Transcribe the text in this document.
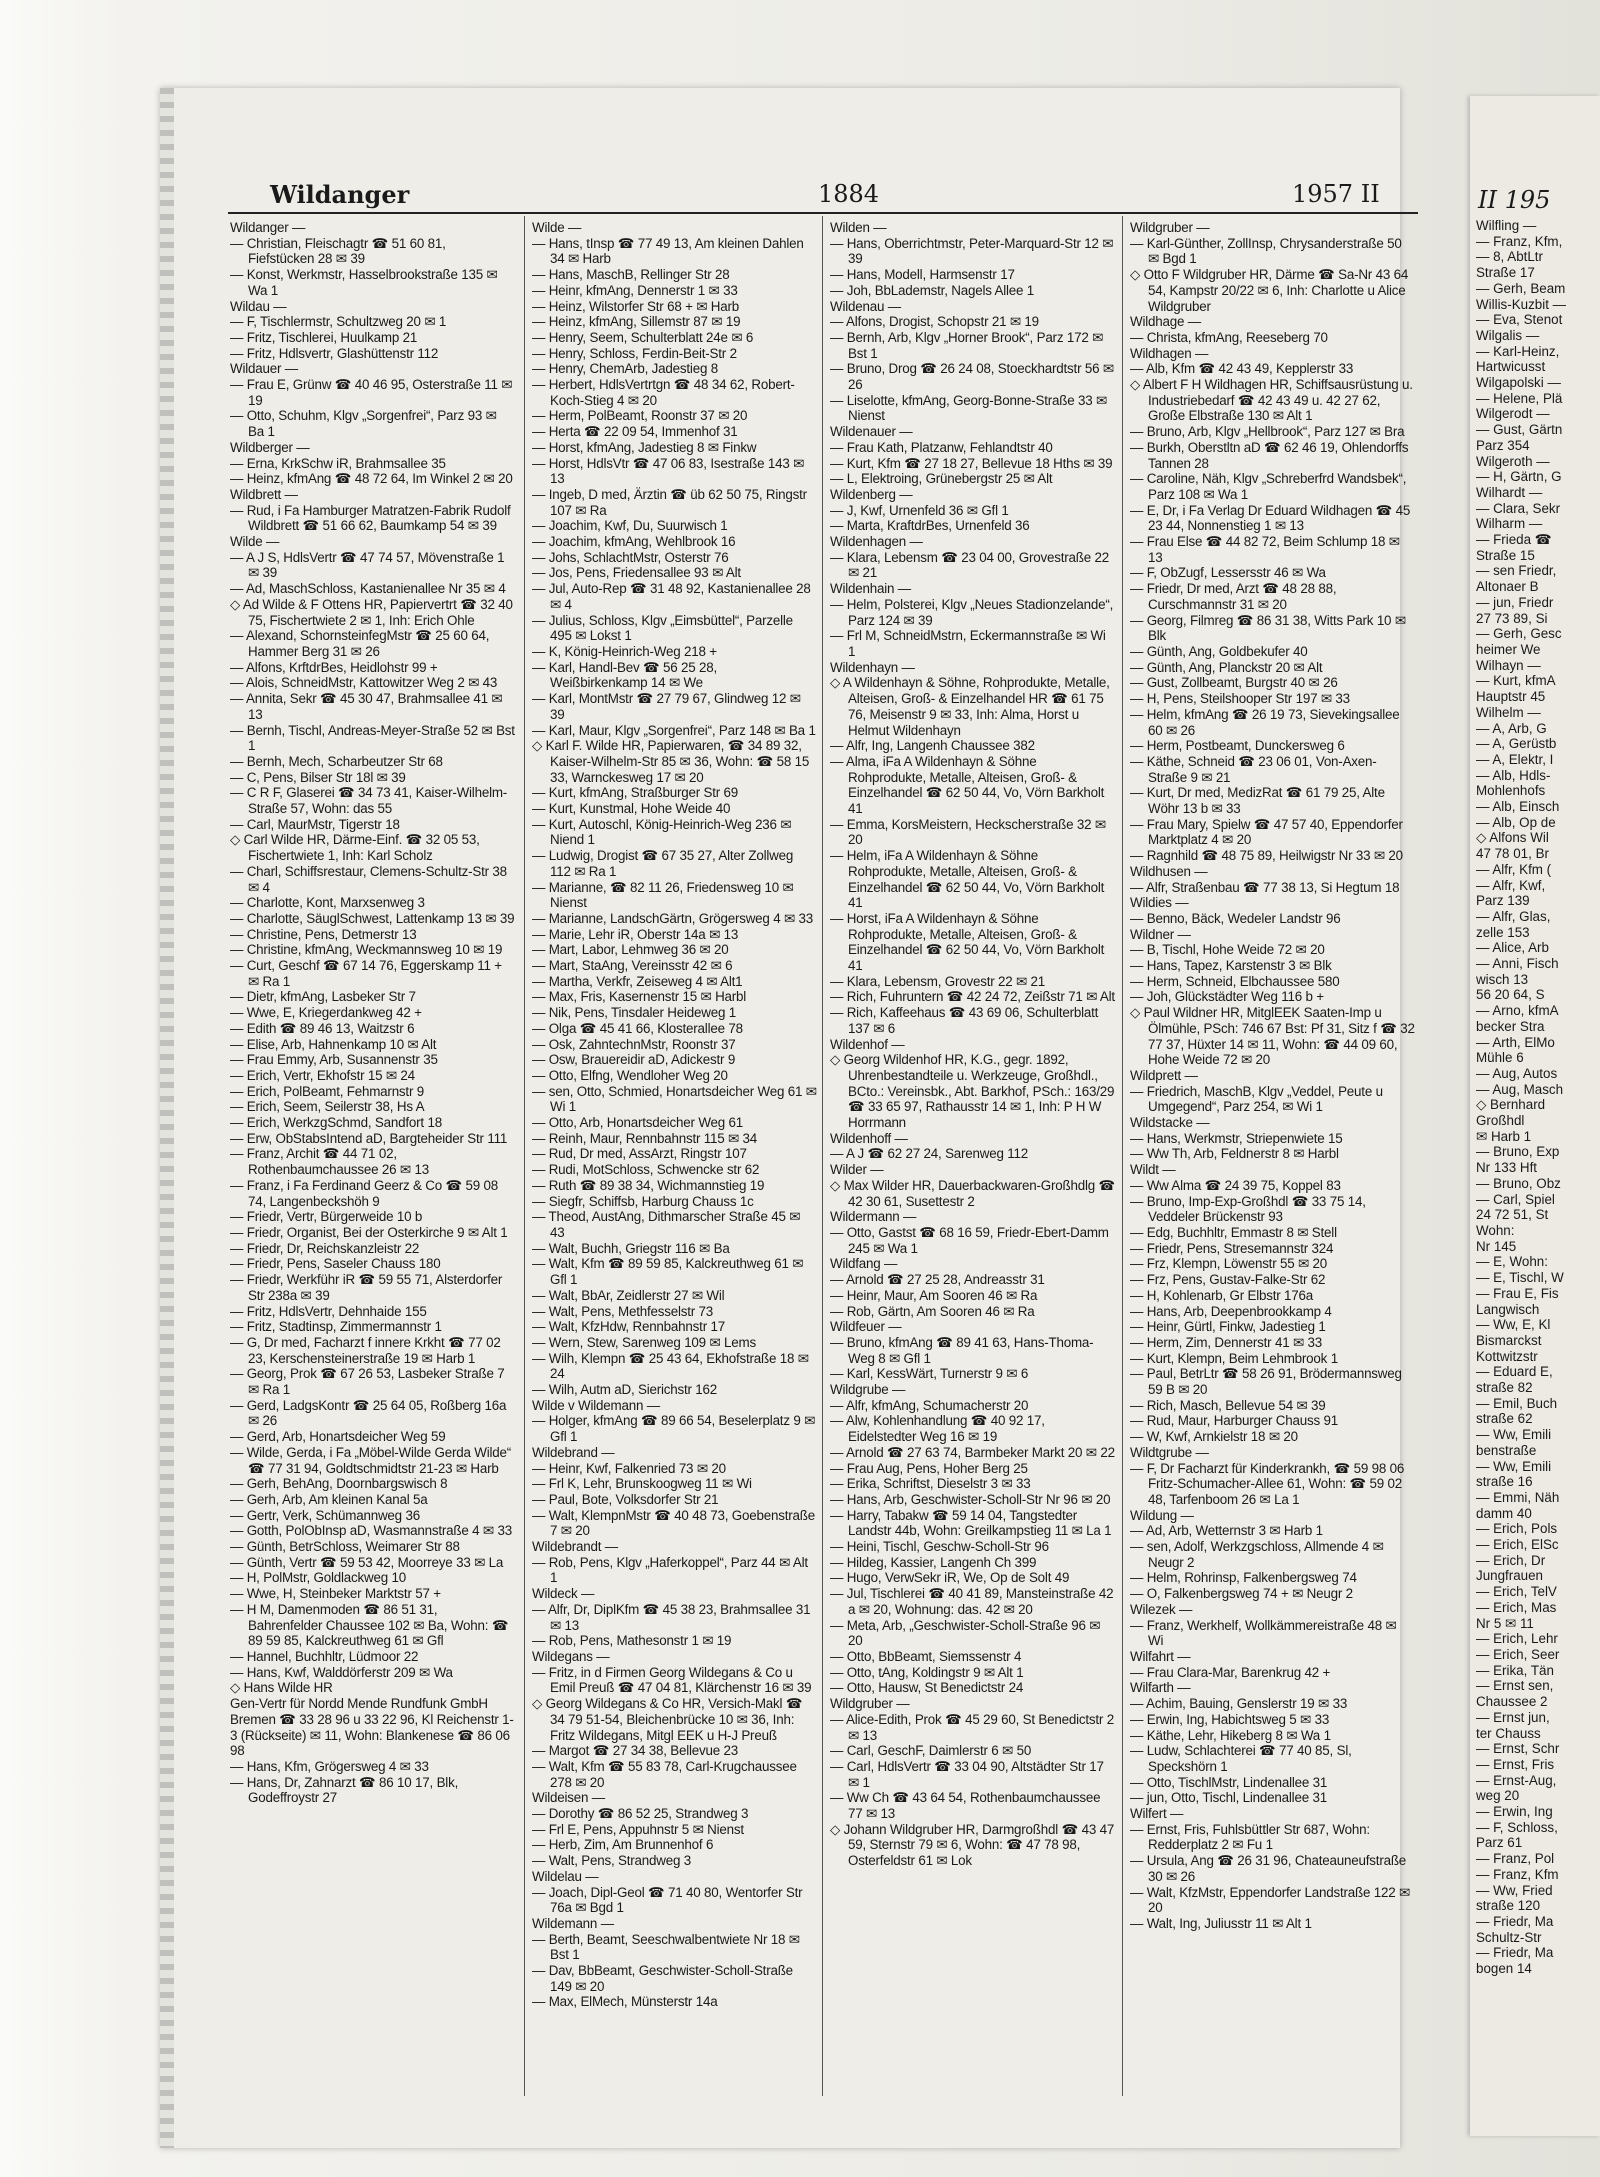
Wildanger	1884	1957 II
Wildanger —
— Christian, Fleischagtr ☎ 51 60 81, Fiefstücken 28 ✉ 39
— Konst, Werkmstr, Hasselbrookstraße 135 ✉ Wa 1
Wildau —
— F, Tischlermstr, Schultzweg 20 ✉ 1
— Fritz, Tischlerei, Huulkamp 21
— Fritz, Hdlsvertr, Glashüttenstr 112
Wildauer —
— Frau E, Grünw ☎ 40 46 95, Osterstraße 11 ✉ 19
— Otto, Schuhm, Klgv „Sorgenfrei“, Parz 93 ✉ Ba 1
Wildberger —
— Erna, KrkSchw iR, Brahmsallee 35
— Heinz, kfmAng ☎ 48 72 64, Im Winkel 2 ✉ 20
Wildbrett —
— Rud, i Fa Hamburger Matratzen-Fabrik Rudolf Wildbrett ☎ 51 66 62, Baumkamp 54 ✉ 39
Wilde —
— A J S, HdlsVertr ☎ 47 74 57, Mövenstraße 1 ✉ 39
— Ad, MaschSchloss, Kastanienallee Nr 35 ✉ 4
◇ Ad Wilde & F Ottens HR, Papiervertrt ☎ 32 40 75, Fischertwiete 2 ✉ 1, Inh: Erich Ohle
— Alexand, SchornsteinfegMstr ☎ 25 60 64, Hammer Berg 31 ✉ 26
— Alfons, KrftdrBes, Heidlohstr 99 +
— Alois, SchneidMstr, Kattowitzer Weg 2 ✉ 43
— Annita, Sekr ☎ 45 30 47, Brahmsallee 41 ✉ 13
— Bernh, Tischl, Andreas-Meyer-Straße 52 ✉ Bst 1
— Bernh, Mech, Scharbeutzer Str 68
— C, Pens, Bilser Str 18l ✉ 39
— C R F, Glaserei ☎ 34 73 41, Kaiser-Wilhelm-Straße 57, Wohn: das 55
— Carl, MaurMstr, Tigerstr 18
◇ Carl Wilde HR, Därme-Einf. ☎ 32 05 53, Fischertwiete 1, Inh: Karl Scholz
— Charl, Schiffsrestaur, Clemens-Schultz-Str 38 ✉ 4
— Charlotte, Kont, Marxsenweg 3
— Charlotte, SäuglSchwest, Lattenkamp 13 ✉ 39
— Christine, Pens, Detmerstr 13
— Christine, kfmAng, Weckmannsweg 10 ✉ 19
— Curt, Geschf ☎ 67 14 76, Eggerskamp 11 + ✉ Ra 1
— Dietr, kfmAng, Lasbeker Str 7
— Wwe, E, Kriegerdankweg 42 +
— Edith ☎ 89 46 13, Waitzstr 6
— Elise, Arb, Hahnenkamp 10 ✉ Alt
— Frau Emmy, Arb, Susannenstr 35
— Erich, Vertr, Ekhofstr 15 ✉ 24
— Erich, PolBeamt, Fehmarnstr 9
— Erich, Seem, Seilerstr 38, Hs A
— Erich, WerkzgSchmd, Sandfort 18
— Erw, ObStabsIntend aD, Bargteheider Str 111
— Franz, Archit ☎ 44 71 02, Rothenbaumchaussee 26 ✉ 13
— Franz, i Fa Ferdinand Geerz & Co ☎ 59 08 74, Langenbeckshöh 9
— Friedr, Vertr, Bürgerweide 10 b
— Friedr, Organist, Bei der Osterkirche 9 ✉ Alt 1
— Friedr, Dr, Reichskanzleistr 22
— Friedr, Pens, Saseler Chauss 180
— Friedr, Werkführ iR ☎ 59 55 71, Alsterdorfer Str 238a ✉ 39
— Fritz, HdlsVertr, Dehnhaide 155
— Fritz, Stadtinsp, Zimmermannstr 1
— G, Dr med, Facharzt f innere Krkht ☎ 77 02 23, Kerschensteinerstraße 19 ✉ Harb 1
— Georg, Prok ☎ 67 26 53, Lasbeker Straße 7 ✉ Ra 1
— Gerd, LadgsKontr ☎ 25 64 05, Roßberg 16a ✉ 26
— Gerd, Arb, Honartsdeicher Weg 59
— Wilde, Gerda, i Fa „Möbel-Wilde Gerda Wilde“ ☎ 77 31 94, Goldtschmidtstr 21-23 ✉ Harb
— Gerh, BehAng, Doornbargswisch 8
— Gerh, Arb, Am kleinen Kanal 5a
— Gertr, Verk, Schümannweg 36
— Gotth, PolObInsp aD, Wasmannstraße 4 ✉ 33
— Günth, BetrSchloss, Weimarer Str 88
— Günth, Vertr ☎ 59 53 42, Moorreye 33 ✉ La
— H, PolMstr, Goldlackweg 10
— Wwe, H, Steinbeker Marktstr 57 +
— H M, Damenmoden ☎ 86 51 31, Bahrenfelder Chaussee 102 ✉ Ba, Wohn: ☎ 89 59 85, Kalckreuthweg 61 ✉ Gfl
— Hannel, Buchhltr, Lüdmoor 22
— Hans, Kwf, Walddörferstr 209 ✉ Wa
◇ Hans Wilde HR
Gen-Vertr für Nordd Mende Rundfunk GmbH Bremen ☎ 33 28 96 u 33 22 96, Kl Reichenstr 1-3 (Rückseite) ✉ 11, Wohn: Blankenese ☎ 86 06 98
— Hans, Kfm, Grögersweg 4 ✉ 33
— Hans, Dr, Zahnarzt ☎ 86 10 17, Blk, Godeffroystr 27
Wilde —
— Hans, tInsp ☎ 77 49 13, Am kleinen Dahlen 34 ✉ Harb
— Hans, MaschB, Rellinger Str 28
— Heinr, kfmAng, Dennerstr 1 ✉ 33
— Heinz, Wilstorfer Str 68 + ✉ Harb
— Heinz, kfmAng, Sillemstr 87 ✉ 19
— Henry, Seem, Schulterblatt 24e ✉ 6
— Henry, Schloss, Ferdin-Beit-Str 2
— Henry, ChemArb, Jadestieg 8
— Herbert, HdlsVertrtgn ☎ 48 34 62, Robert-Koch-Stieg 4 ✉ 20
— Herm, PolBeamt, Roonstr 37 ✉ 20
— Herta ☎ 22 09 54, Immenhof 31
— Horst, kfmAng, Jadestieg 8 ✉ Finkw
— Horst, HdlsVtr ☎ 47 06 83, Isestraße 143 ✉ 13
— Ingeb, D med, Ärztin ☎ üb 62 50 75, Ringstr 107 ✉ Ra
— Joachim, Kwf, Du, Suurwisch 1
— Joachim, kfmAng, Wehlbrook 16
— Johs, SchlachtMstr, Osterstr 76
— Jos, Pens, Friedensallee 93 ✉ Alt
— Jul, Auto-Rep ☎ 31 48 92, Kastanienallee 28 ✉ 4
— Julius, Schloss, Klgv „Eimsbüttel“, Parzelle 495 ✉ Lokst 1
— K, König-Heinrich-Weg 218 +
— Karl, Handl-Bev ☎ 56 25 28, Weißbirkenkamp 14 ✉ We
— Karl, MontMstr ☎ 27 79 67, Glindweg 12 ✉ 39
— Karl, Maur, Klgv „Sorgenfrei“, Parz 148 ✉ Ba 1
◇ Karl F. Wilde HR, Papierwaren, ☎ 34 89 32, Kaiser-Wilhelm-Str 85 ✉ 36, Wohn: ☎ 58 15 33, Warnckesweg 17 ✉ 20
— Kurt, kfmAng, Straßburger Str 69
— Kurt, Kunstmal, Hohe Weide 40
— Kurt, Autoschl, König-Heinrich-Weg 236 ✉ Niend 1
— Ludwig, Drogist ☎ 67 35 27, Alter Zollweg 112 ✉ Ra 1
— Marianne, ☎ 82 11 26, Friedensweg 10 ✉ Nienst
— Marianne, LandschGärtn, Grögersweg 4 ✉ 33
— Marie, Lehr iR, Oberstr 14a ✉ 13
— Mart, Labor, Lehmweg 36 ✉ 20
— Mart, StaAng, Vereinsstr 42 ✉ 6
— Martha, Verkfr, Zeiseweg 4 ✉ Alt1
— Max, Fris, Kasernenstr 15 ✉ Harbl
— Nik, Pens, Tinsdaler Heideweg 1
— Olga ☎ 45 41 66, Klosterallee 78
— Osk, ZahntechnMstr, Roonstr 37
— Osw, Brauereidir aD, Adickestr 9
— Otto, Elfng, Wendloher Weg 20
— sen, Otto, Schmied, Honartsdeicher Weg 61 ✉ Wi 1
— Otto, Arb, Honartsdeicher Weg 61
— Reinh, Maur, Rennbahnstr 115 ✉ 34
— Rud, Dr med, AssArzt, Ringstr 107
— Rudi, MotSchloss, Schwencke str 62
— Ruth ☎ 89 38 34, Wichmannstieg 19
— Siegfr, Schiffsb, Harburg Chauss 1c
— Theod, AustAng, Dithmarscher Straße 45 ✉ 43
— Walt, Buchh, Griegstr 116 ✉ Ba
— Walt, Kfm ☎ 89 59 85, Kalckreuthweg 61 ✉ Gfl 1
— Walt, BbAr, Zeidlerstr 27 ✉ Wil
— Walt, Pens, Methfesselstr 73
— Walt, KfzHdw, Rennbahnstr 17
— Wern, Stew, Sarenweg 109 ✉ Lems
— Wilh, Klempn ☎ 25 43 64, Ekhofstraße 18 ✉ 24
— Wilh, Autm aD, Sierichstr 162
Wilde v Wildemann —
— Holger, kfmAng ☎ 89 66 54, Beselerplatz 9 ✉ Gfl 1
Wildebrand —
— Heinr, Kwf, Falkenried 73 ✉ 20
— Frl K, Lehr, Brunskoogweg 11 ✉ Wi
— Paul, Bote, Volksdorfer Str 21
— Walt, KlempnMstr ☎ 40 48 73, Goebenstraße 7 ✉ 20
Wildebrandt —
— Rob, Pens, Klgv „Haferkoppel“, Parz 44 ✉ Alt 1
Wildeck —
— Alfr, Dr, DiplKfm ☎ 45 38 23, Brahmsallee 31 ✉ 13
— Rob, Pens, Mathesonstr 1 ✉ 19
Wildegans —
— Fritz, in d Firmen Georg Wildegans & Co u Emil Preuß ☎ 47 04 81, Klärchenstr 16 ✉ 39
◇ Georg Wildegans & Co HR, Versich-Makl ☎ 34 79 51-54, Bleichenbrücke 10 ✉ 36, Inh: Fritz Wildegans, Mitgl EEK u H-J Preuß
— Margot ☎ 27 34 38, Bellevue 23
— Walt, Kfm ☎ 55 83 78, Carl-Krugchaussee 278 ✉ 20
Wildeisen —
— Dorothy ☎ 86 52 25, Strandweg 3
— Frl E, Pens, Appuhnstr 5 ✉ Nienst
— Herb, Zim, Am Brunnenhof 6
— Walt, Pens, Strandweg 3
Wildelau —
— Joach, Dipl-Geol ☎ 71 40 80, Wentorfer Str 76a ✉ Bgd 1
Wildemann —
— Berth, Beamt, Seeschwalbentwiete Nr 18 ✉ Bst 1
— Dav, BbBeamt, Geschwister-Scholl-Straße 149 ✉ 20
— Max, ElMech, Münsterstr 14a
Wilden —
— Hans, Oberrichtmstr, Peter-Marquard-Str 12 ✉ 39
— Hans, Modell, Harmsenstr 17
— Joh, BbLademstr, Nagels Allee 1
Wildenau —
— Alfons, Drogist, Schopstr 21 ✉ 19
— Bernh, Arb, Klgv „Horner Brook“, Parz 172 ✉ Bst 1
— Bruno, Drog ☎ 26 24 08, Stoeckhardtstr 56 ✉ 26
— Liselotte, kfmAng, Georg-Bonne-Straße 33 ✉ Nienst
Wildenauer —
— Frau Kath, Platzanw, Fehlandtstr 40
— Kurt, Kfm ☎ 27 18 27, Bellevue 18 Hths ✉ 39
— L, Elektroing, Grünebergstr 25 ✉ Alt
Wildenberg —
— J, Kwf, Urnenfeld 36 ✉ Gfl 1
— Marta, KraftdrBes, Urnenfeld 36
Wildenhagen —
— Klara, Lebensm ☎ 23 04 00, Grovestraße 22 ✉ 21
Wildenhain —
— Helm, Polsterei, Klgv „Neues Stadionzelande“, Parz 124 ✉ 39
— Frl M, SchneidMstrn, Eckermannstraße ✉ Wi 1
Wildenhayn —
◇ A Wildenhayn & Söhne, Rohprodukte, Metalle, Alteisen, Groß- & Einzelhandel HR ☎ 61 75 76, Meisenstr 9 ✉ 33, Inh: Alma, Horst u Helmut Wildenhayn
— Alfr, Ing, Langenh Chaussee 382
— Alma, iFa A Wildenhayn & Söhne Rohprodukte, Metalle, Alteisen, Groß- & Einzelhandel ☎ 62 50 44, Vo, Vörn Barkholt 41
— Emma, KorsMeistern, Heckscherstraße 32 ✉ 20
— Helm, iFa A Wildenhayn & Söhne Rohprodukte, Metalle, Alteisen, Groß- & Einzelhandel ☎ 62 50 44, Vo, Vörn Barkholt 41
— Horst, iFa A Wildenhayn & Söhne Rohprodukte, Metalle, Alteisen, Groß- & Einzelhandel ☎ 62 50 44, Vo, Vörn Barkholt 41
— Klara, Lebensm, Grovestr 22 ✉ 21
— Rich, Fuhruntern ☎ 42 24 72, Zeißstr 71 ✉ Alt
— Rich, Kaffeehaus ☎ 43 69 06, Schulterblatt 137 ✉ 6
Wildenhof —
◇ Georg Wildenhof HR, K.G., gegr. 1892, Uhrenbestandteile u. Werkzeuge, Großhdl., BCto.: Vereinsbk., Abt. Barkhof, PSch.: 163/29 ☎ 33 65 97, Rathausstr 14 ✉ 1, Inh: P H W Horrmann
Wildenhoff —
— A J ☎ 62 27 24, Sarenweg 112
Wilder —
◇ Max Wilder HR, Dauerbackwaren-Großhdlg ☎ 42 30 61, Susettestr 2
Wildermann —
— Otto, Gastst ☎ 68 16 59, Friedr-Ebert-Damm 245 ✉ Wa 1
Wildfang —
— Arnold ☎ 27 25 28, Andreasstr 31
— Heinr, Maur, Am Sooren 46 ✉ Ra
— Rob, Gärtn, Am Sooren 46 ✉ Ra
Wildfeuer —
— Bruno, kfmAng ☎ 89 41 63, Hans-Thoma-Weg 8 ✉ Gfl 1
— Karl, KessWärt, Turnerstr 9 ✉ 6
Wildgrube —
— Alfr, kfmAng, Schumacherstr 20
— Alw, Kohlenhandlung ☎ 40 92 17, Eidelstedter Weg 16 ✉ 19
— Arnold ☎ 27 63 74, Barmbeker Markt 20 ✉ 22
— Frau Aug, Pens, Hoher Berg 25
— Erika, Schriftst, Dieselstr 3 ✉ 33
— Hans, Arb, Geschwister-Scholl-Str Nr 96 ✉ 20
— Harry, Tabakw ☎ 59 14 04, Tangstedter Landstr 44b, Wohn: Greilkampstieg 11 ✉ La 1
— Heini, Tischl, Geschw-Scholl-Str 96
— Hildeg, Kassier, Langenh Ch 399
— Hugo, VerwSekr iR, We, Op de Solt 49
— Jul, Tischlerei ☎ 40 41 89, Mansteinstraße 42 a ✉ 20, Wohnung: das. 42 ✉ 20
— Meta, Arb, „Geschwister-Scholl-Straße 96 ✉ 20
— Otto, BbBeamt, Siemssenstr 4
— Otto, tAng, Koldingstr 9 ✉ Alt 1
— Otto, Hausw, St Benedictstr 24
Wildgruber —
— Alice-Edith, Prok ☎ 45 29 60, St Benedictstr 2 ✉ 13
— Carl, GeschF, Daimlerstr 6 ✉ 50
— Carl, HdlsVertr ☎ 33 04 90, Altstädter Str 17 ✉ 1
— Ww Ch ☎ 43 64 54, Rothenbaumchaussee 77 ✉ 13
◇ Johann Wildgruber HR, Darmgroßhdl ☎ 43 47 59, Sternstr 79 ✉ 6, Wohn: ☎ 47 78 98, Osterfeldstr 61 ✉ Lok
Wildgruber —
— Karl-Günther, ZollInsp, Chrysanderstraße 50 ✉ Bgd 1
◇ Otto F Wildgruber HR, Därme ☎ Sa-Nr 43 64 54, Kampstr 20/22 ✉ 6, Inh: Charlotte u Alice Wildgruber
Wildhage —
— Christa, kfmAng, Reeseberg 70
Wildhagen —
— Alb, Kfm ☎ 42 43 49, Kepplerstr 33
◇ Albert F H Wildhagen HR, Schiffsausrüstung u. Industriebedarf ☎ 42 43 49 u. 42 27 62, Große Elbstraße 130 ✉ Alt 1
— Bruno, Arb, Klgv „Hellbrook“, Parz 127 ✉ Bra
— Burkh, Oberstltn aD ☎ 62 46 19, Ohlendorffs Tannen 28
— Caroline, Näh, Klgv „Schreberfrd Wandsbek“, Parz 108 ✉ Wa 1
— E, Dr, i Fa Verlag Dr Eduard Wildhagen ☎ 45 23 44, Nonnenstieg 1 ✉ 13
— Frau Else ☎ 44 82 72, Beim Schlump 18 ✉ 13
— F, ObZugf, Lessersstr 46 ✉ Wa
— Friedr, Dr med, Arzt ☎ 48 28 88, Curschmannstr 31 ✉ 20
— Georg, Filmreg ☎ 86 31 38, Witts Park 10 ✉ Blk
— Günth, Ang, Goldbekufer 40
— Günth, Ang, Planckstr 20 ✉ Alt
— Gust, Zollbeamt, Burgstr 40 ✉ 26
— H, Pens, Steilshooper Str 197 ✉ 33
— Helm, kfmAng ☎ 26 19 73, Sievekingsallee 60 ✉ 26
— Herm, Postbeamt, Dunckersweg 6
— Käthe, Schneid ☎ 23 06 01, Von-Axen-Straße 9 ✉ 21
— Kurt, Dr med, MedizRat ☎ 61 79 25, Alte Wöhr 13 b ✉ 33
— Frau Mary, Spielw ☎ 47 57 40, Eppendorfer Marktplatz 4 ✉ 20
— Ragnhild ☎ 48 75 89, Heilwigstr Nr 33 ✉ 20
Wildhusen —
— Alfr, Straßenbau ☎ 77 38 13, Si Hegtum 18
Wildies —
— Benno, Bäck, Wedeler Landstr 96
Wildner —
— B, Tischl, Hohe Weide 72 ✉ 20
— Hans, Tapez, Karstenstr 3 ✉ Blk
— Herm, Schneid, Elbchaussee 580
— Joh, Glückstädter Weg 116 b +
◇ Paul Wildner HR, MitglEEK Saaten-Imp u Ölmühle, PSch: 746 67 Bst: Pf 31, Sitz f ☎ 32 77 37, Hüxter 14 ✉ 11, Wohn: ☎ 44 09 60, Hohe Weide 72 ✉ 20
Wildprett —
— Friedrich, MaschB, Klgv „Veddel, Peute u Umgegend“, Parz 254, ✉ Wi 1
Wildstacke —
— Hans, Werkmstr, Striepenwiete 15
— Ww Th, Arb, Feldnerstr 8 ✉ Harbl
Wildt —
— Ww Alma ☎ 24 39 75, Koppel 83
— Bruno, Imp-Exp-Großhdl ☎ 33 75 14, Veddeler Brückenstr 93
— Edg, Buchhltr, Emmastr 8 ✉ Stell
— Friedr, Pens, Stresemannstr 324
— Frz, Klempn, Löwenstr 55 ✉ 20
— Frz, Pens, Gustav-Falke-Str 62
— H, Kohlenarb, Gr Elbstr 176a
— Hans, Arb, Deepenbrookkamp 4
— Heinr, Gürtl, Finkw, Jadestieg 1
— Herm, Zim, Dennerstr 41 ✉ 33
— Kurt, Klempn, Beim Lehmbrook 1
— Paul, BetrLtr ☎ 58 26 91, Brödermannsweg 59 B ✉ 20
— Rich, Masch, Bellevue 54 ✉ 39
— Rud, Maur, Harburger Chauss 91
— W, Kwf, Arnkielstr 18 ✉ 20
Wildtgrube —
— F, Dr Facharzt für Kinderkrankh, ☎ 59 98 06 Fritz-Schumacher-Allee 61, Wohn: ☎ 59 02 48, Tarfenboom 26 ✉ La 1
Wildung —
— Ad, Arb, Wetternstr 3 ✉ Harb 1
— sen, Adolf, Werkzgschloss, Allmende 4 ✉ Neugr 2
— Helm, Rohrinsp, Falkenbergsweg 74
— O, Falkenbergsweg 74 + ✉ Neugr 2
Wilezek —
— Franz, Werkhelf, Wollkämmereistraße 48 ✉ Wi
Wilfahrt —
— Frau Clara-Mar, Barenkrug 42 +
Wilfarth —
— Achim, Bauing, Genslerstr 19 ✉ 33
— Erwin, Ing, Habichtsweg 5 ✉ 33
— Käthe, Lehr, Hikeberg 8 ✉ Wa 1
— Ludw, Schlachterei ☎ 77 40 85, Sl, Speckshörn 1
— Otto, TischlMstr, Lindenallee 31
— jun, Otto, Tischl, Lindenallee 31
Wilfert —
— Ernst, Fris, Fuhlsbüttler Str 687, Wohn: Redderplatz 2 ✉ Fu 1
— Ursula, Ang ☎ 26 31 96, Chateauneufstraße 30 ✉ 26
— Walt, KfzMstr, Eppendorfer Landstraße 122 ✉ 20
— Walt, Ing, Juliusstr 11 ✉ Alt 1
II 195
Wilfling —
— Franz, Kfm,
— 8, AbtLtr
Straße 17
— Gerh, Beam
Willis-Kuzbit —
— Eva, Stenot
Wilgalis —
— Karl-Heinz,
Hartwicusst
Wilgapolski —
— Helene, Plä
Wilgerodt —
— Gust, Gärtn
Parz 354
Wilgeroth —
— H, Gärtn, G
Wilhardt —
— Clara, Sekr
Wilharm —
— Frieda ☎
Straße 15
— sen Friedr,
Altonaer B
— jun, Friedr
27 73 89, Si
— Gerh, Gesc
heimer We
Wilhayn —
— Kurt, kfmA
Hauptstr 45
Wilhelm —
— A, Arb, G
— A, Gerüstb
— A, Elektr, I
— Alb, Hdls-
Mohlenhofs
— Alb, Einsch
— Alb, Op de
◇ Alfons Wil
47 78 01, Br
— Alfr, Kfm (
— Alfr, Kwf,
Parz 139
— Alfr, Glas,
zelle 153
— Alice, Arb
— Anni, Fisch
wisch 13
56 20 64, S
— Arno, kfmA
becker Stra
— Arth, ElMo
Mühle 6
— Aug, Autos
— Aug, Masch
◇ Bernhard
Großhdl
✉ Harb 1
— Bruno, Exp
Nr 133 Hft
— Bruno, Obz
— Carl, Spiel
24 72 51, St
Wohn:
Nr 145
— E, Wohn:
— E, Tischl, W
— Frau E, Fis
Langwisch
— Ww, E, Kl
Bismarckst
Kottwitzstr
— Eduard E,
straße 82
— Emil, Buch
straße 62
— Ww, Emili
benstraße
— Ww, Emili
straße 16
— Emmi, Näh
damm 40
— Erich, Pols
— Erich, ElSc
— Erich, Dr
Jungfrauen
— Erich, TelV
— Erich, Mas
Nr 5 ✉ 11
— Erich, Lehr
— Erich, Seer
— Erika, Tän
— Ernst sen,
Chaussee 2
— Ernst jun,
ter Chauss
— Ernst, Schr
— Ernst, Fris
— Ernst-Aug,
weg 20
— Erwin, Ing
— F, Schloss,
Parz 61
— Franz, Pol
— Franz, Kfm
— Ww, Fried
straße 120
— Friedr, Ma
Schultz-Str
— Friedr, Ma
bogen 14
